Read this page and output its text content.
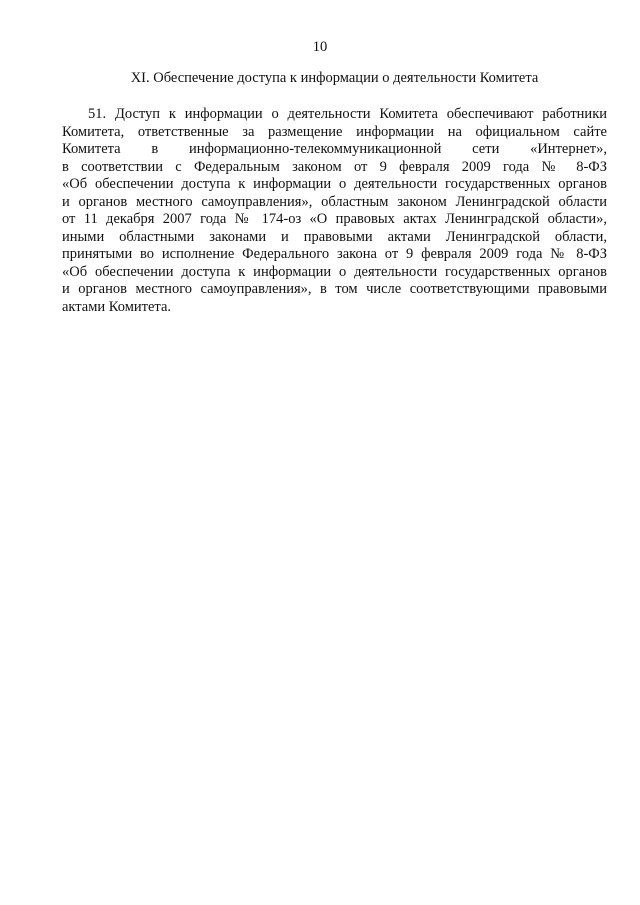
10
XI. Обеспечение доступа к информации о деятельности Комитета
51. Доступ к информации о деятельности Комитета обеспечивают работники
Комитета, ответственные за размещение информации на официальном сайте
Комитета в информационно-телекоммуникационной сети «Интернет»,
в соответствии с Федеральным законом от 9 февраля 2009 года № 8-ФЗ
«Об обеспечении доступа к информации о деятельности государственных органов
и органов местного самоуправления», областным законом Ленинградской области
от 11 декабря 2007 года № 174-оз «О правовых актах Ленинградской области»,
иными областными законами и правовыми актами Ленинградской области,
принятыми во исполнение Федерального закона от 9 февраля 2009 года № 8-ФЗ
«Об обеспечении доступа к информации о деятельности государственных органов
и органов местного самоуправления», в том числе соответствующими правовыми
актами Комитета.
